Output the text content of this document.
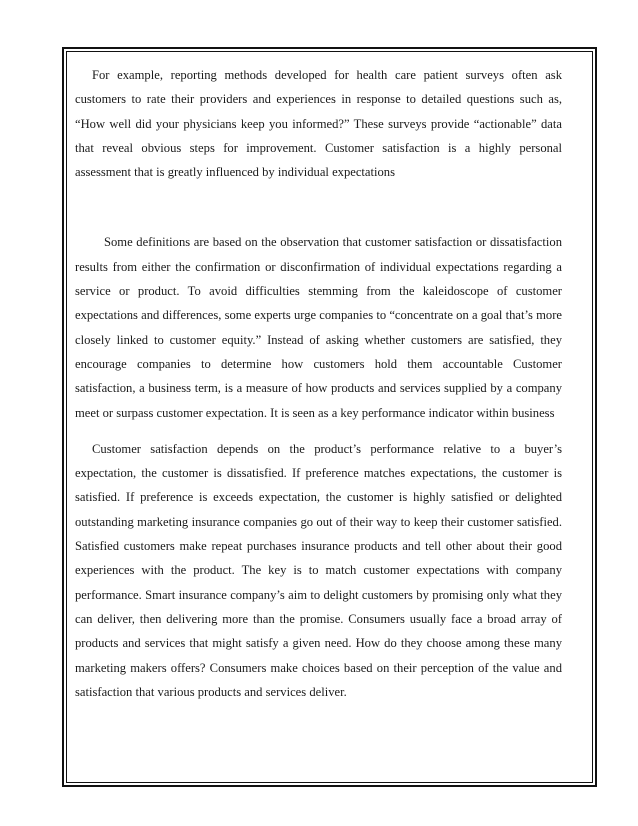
For example, reporting methods developed for health care patient surveys often ask customers to rate their providers and experiences in response to detailed questions such as, “How well did your physicians keep you informed?” These surveys provide “actionable” data that reveal obvious steps for improvement. Customer satisfaction is a highly personal assessment that is greatly influenced by individual expectations

Some definitions are based on the observation that customer satisfaction or dissatisfaction results from either the confirmation or disconfirmation of individual expectations regarding a service or product. To avoid difficulties stemming from the kaleidoscope of customer expectations and differences, some experts urge companies to “concentrate on a goal that’s more closely linked to customer equity.” Instead of asking whether customers are satisfied, they encourage companies to determine how customers hold them accountable Customer satisfaction, a business term, is a measure of how products and services supplied by a company meet or surpass customer expectation. It is seen as a key performance indicator within business

Customer satisfaction depends on the product’s performance relative to a buyer’s expectation, the customer is dissatisfied. If preference matches expectations, the customer is satisfied. If preference is exceeds expectation, the customer is highly satisfied or delighted outstanding marketing insurance companies go out of their way to keep their customer satisfied. Satisfied customers make repeat purchases insurance products and tell other about their good experiences with the product. The key is to match customer expectations with company performance. Smart insurance company’s aim to delight customers by promising only what they can deliver, then delivering more than the promise. Consumers usually face a broad array of products and services that might satisfy a given need. How do they choose among these many marketing makers offers? Consumers make choices based on their perception of the value and satisfaction that various products and services deliver.
